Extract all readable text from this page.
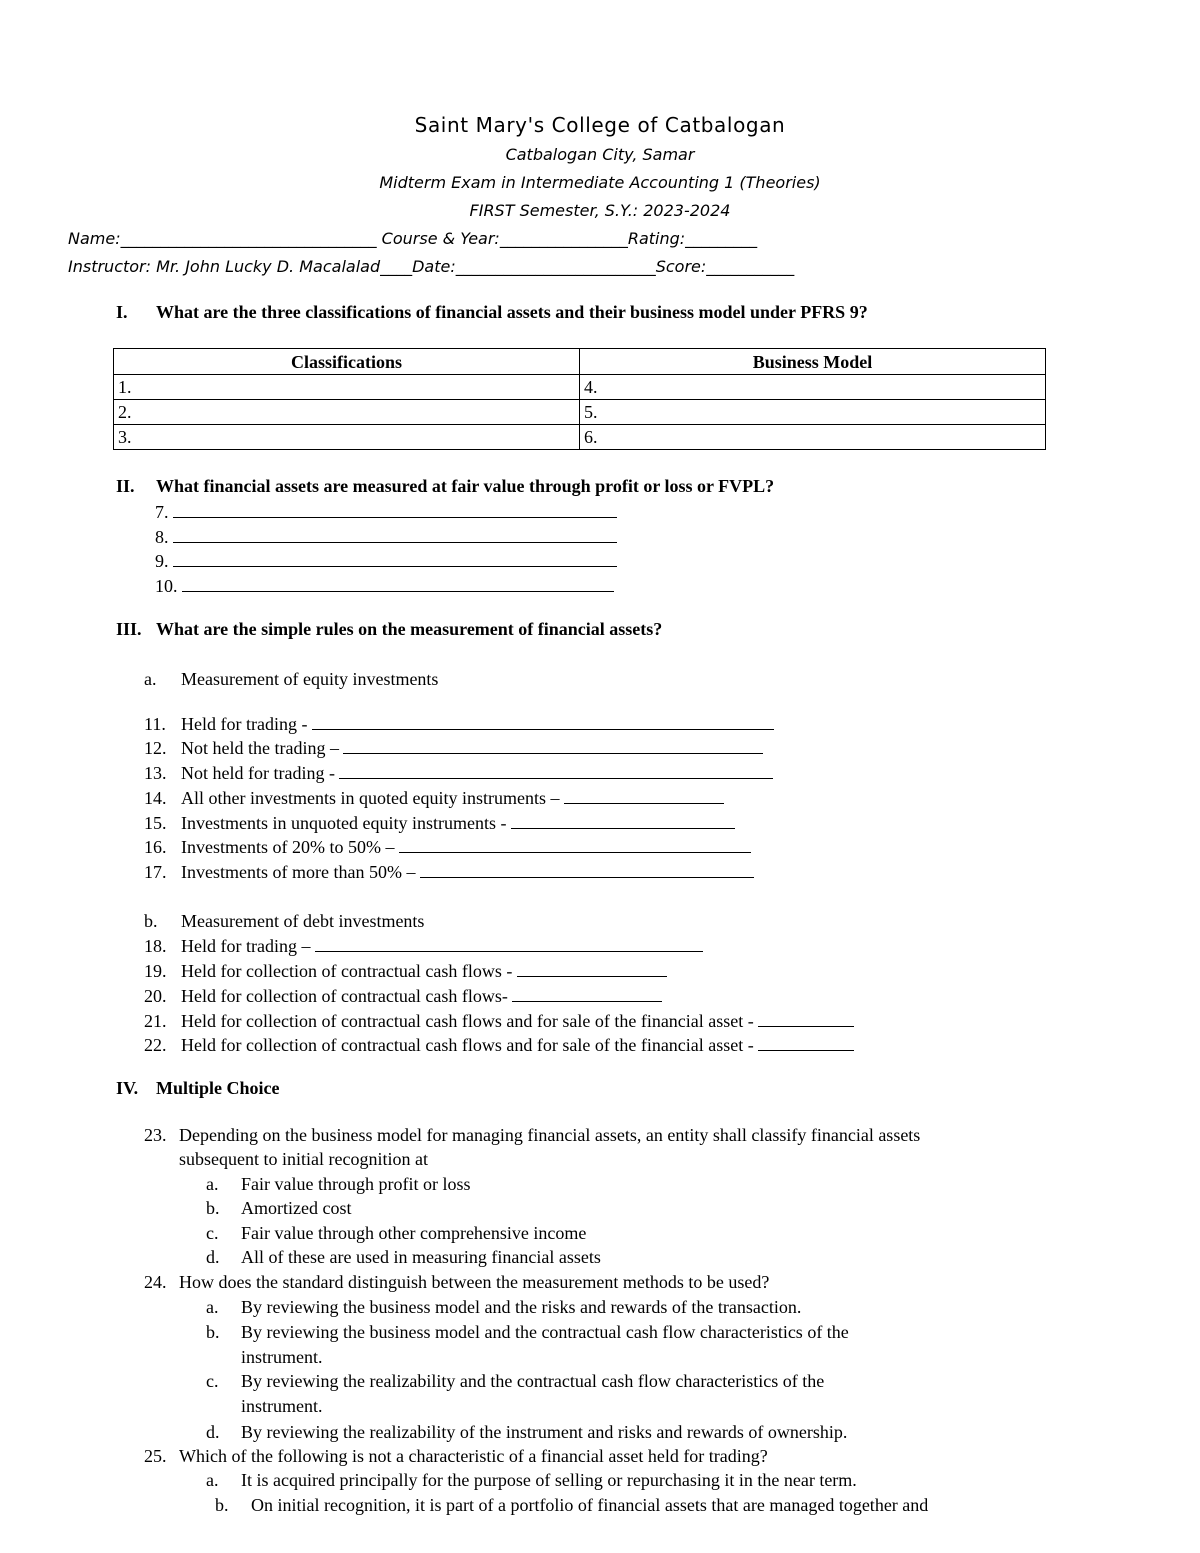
Saint Mary's College of Catbalogan
Catbalogan City, Samar
Midterm Exam in Intermediate Accounting 1 (Theories)
FIRST Semester, S.Y.: 2023-2024
Name:________________________________ Course & Year:________________Rating:_________
Instructor: Mr. John Lucky D. Macalalad____Date:_________________________Score:___________
I. What are the three classifications of financial assets and their business model under PFRS 9?
Classifications	Business Model
1.	4.
2.	5.
3.	6.
II. What financial assets are measured at fair value through profit or loss or FVPL?
7.
8.
9.
10.
III. What are the simple rules on the measurement of financial assets?
a. Measurement of equity investments
11. Held for trading -
12. Not held the trading –
13. Not held for trading -
14. All other investments in quoted equity instruments –
15. Investments in unquoted equity instruments -
16. Investments of 20% to 50% –
17. Investments of more than 50% –
b. Measurement of debt investments
18. Held for trading –
19. Held for collection of contractual cash flows -
20. Held for collection of contractual cash flows-
21. Held for collection of contractual cash flows and for sale of the financial asset -
22. Held for collection of contractual cash flows and for sale of the financial asset -
IV. Multiple Choice
23. Depending on the business model for managing financial assets, an entity shall classify financial assets
subsequent to initial recognition at
a. Fair value through profit or loss
b. Amortized cost
c. Fair value through other comprehensive income
d. All of these are used in measuring financial assets
24. How does the standard distinguish between the measurement methods to be used?
a. By reviewing the business model and the risks and rewards of the transaction.
b. By reviewing the business model and the contractual cash flow characteristics of the
instrument.
c. By reviewing the realizability and the contractual cash flow characteristics of the
instrument.
d. By reviewing the realizability of the instrument and risks and rewards of ownership.
25. Which of the following is not a characteristic of a financial asset held for trading?
a. It is acquired principally for the purpose of selling or repurchasing it in the near term.
b. On initial recognition, it is part of a portfolio of financial assets that are managed together and
